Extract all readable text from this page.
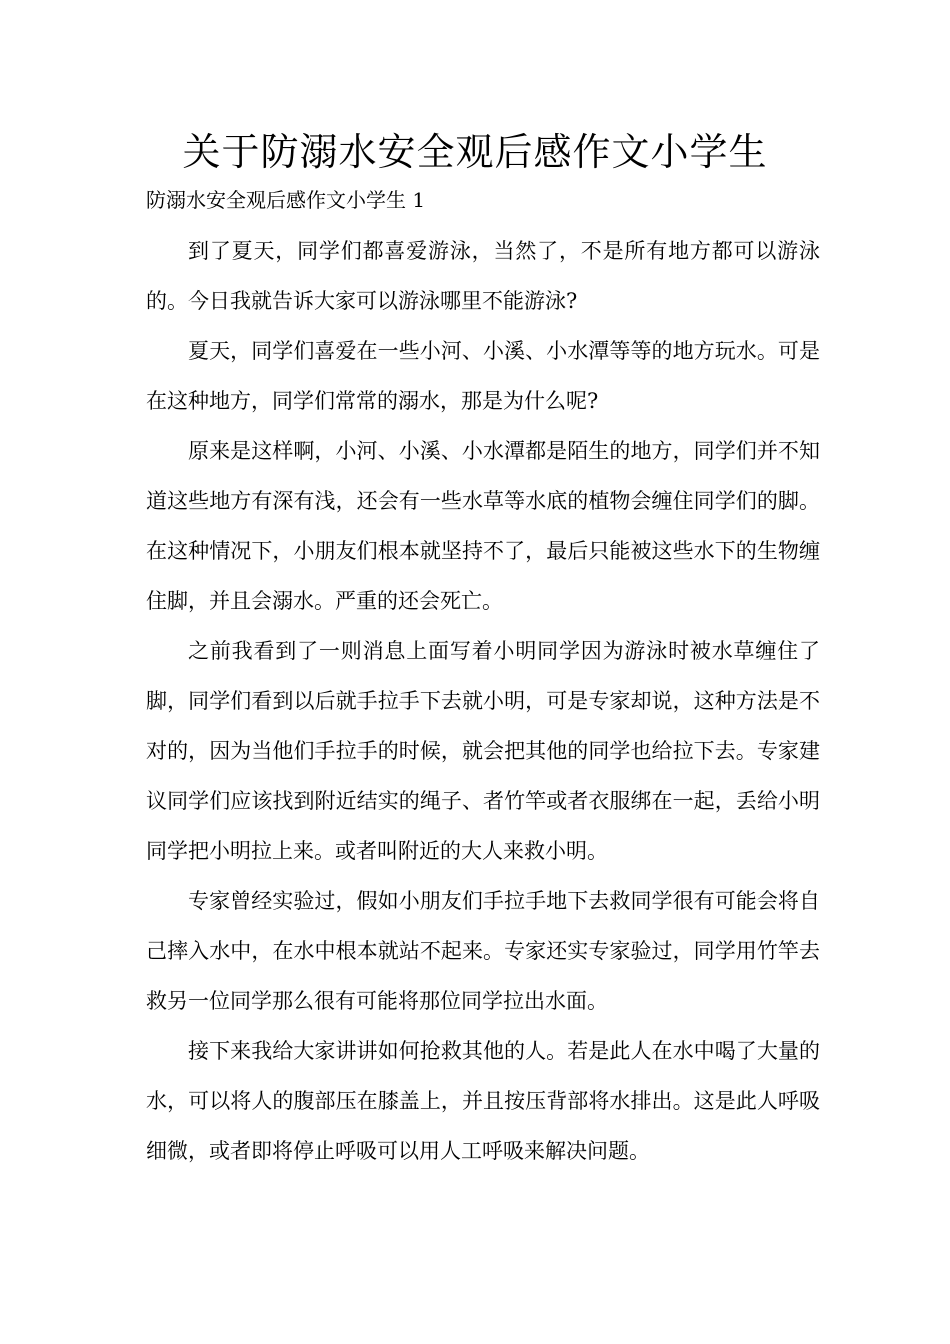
关于防溺水安全观后感作文小学生

防溺水安全观后感作文小学生 1

到了夏天，同学们都喜爱游泳，当然了，不是所有地方都可以游泳的。今日我就告诉大家可以游泳哪里不能游泳?

夏天，同学们喜爱在一些小河、小溪、小水潭等等的地方玩水。可是在这种地方，同学们常常的溺水，那是为什么呢?

原来是这样啊，小河、小溪、小水潭都是陌生的地方，同学们并不知道这些地方有深有浅，还会有一些水草等水底的植物会缠住同学们的脚。在这种情况下，小朋友们根本就坚持不了，最后只能被这些水下的生物缠住脚，并且会溺水。严重的还会死亡。

之前我看到了一则消息上面写着小明同学因为游泳时被水草缠住了脚，同学们看到以后就手拉手下去就小明，可是专家却说，这种方法是不对的，因为当他们手拉手的时候，就会把其他的同学也给拉下去。专家建议同学们应该找到附近结实的绳子、者竹竿或者衣服绑在一起，丢给小明同学把小明拉上来。或者叫附近的大人来救小明。

专家曾经实验过，假如小朋友们手拉手地下去救同学很有可能会将自己摔入水中，在水中根本就站不起来。专家还实专家验过，同学用竹竿去救另一位同学那么很有可能将那位同学拉出水面。

接下来我给大家讲讲如何抢救其他的人。若是此人在水中喝了大量的水，可以将人的腹部压在膝盖上，并且按压背部将水排出。这是此人呼吸细微，或者即将停止呼吸可以用人工呼吸来解决问题。
